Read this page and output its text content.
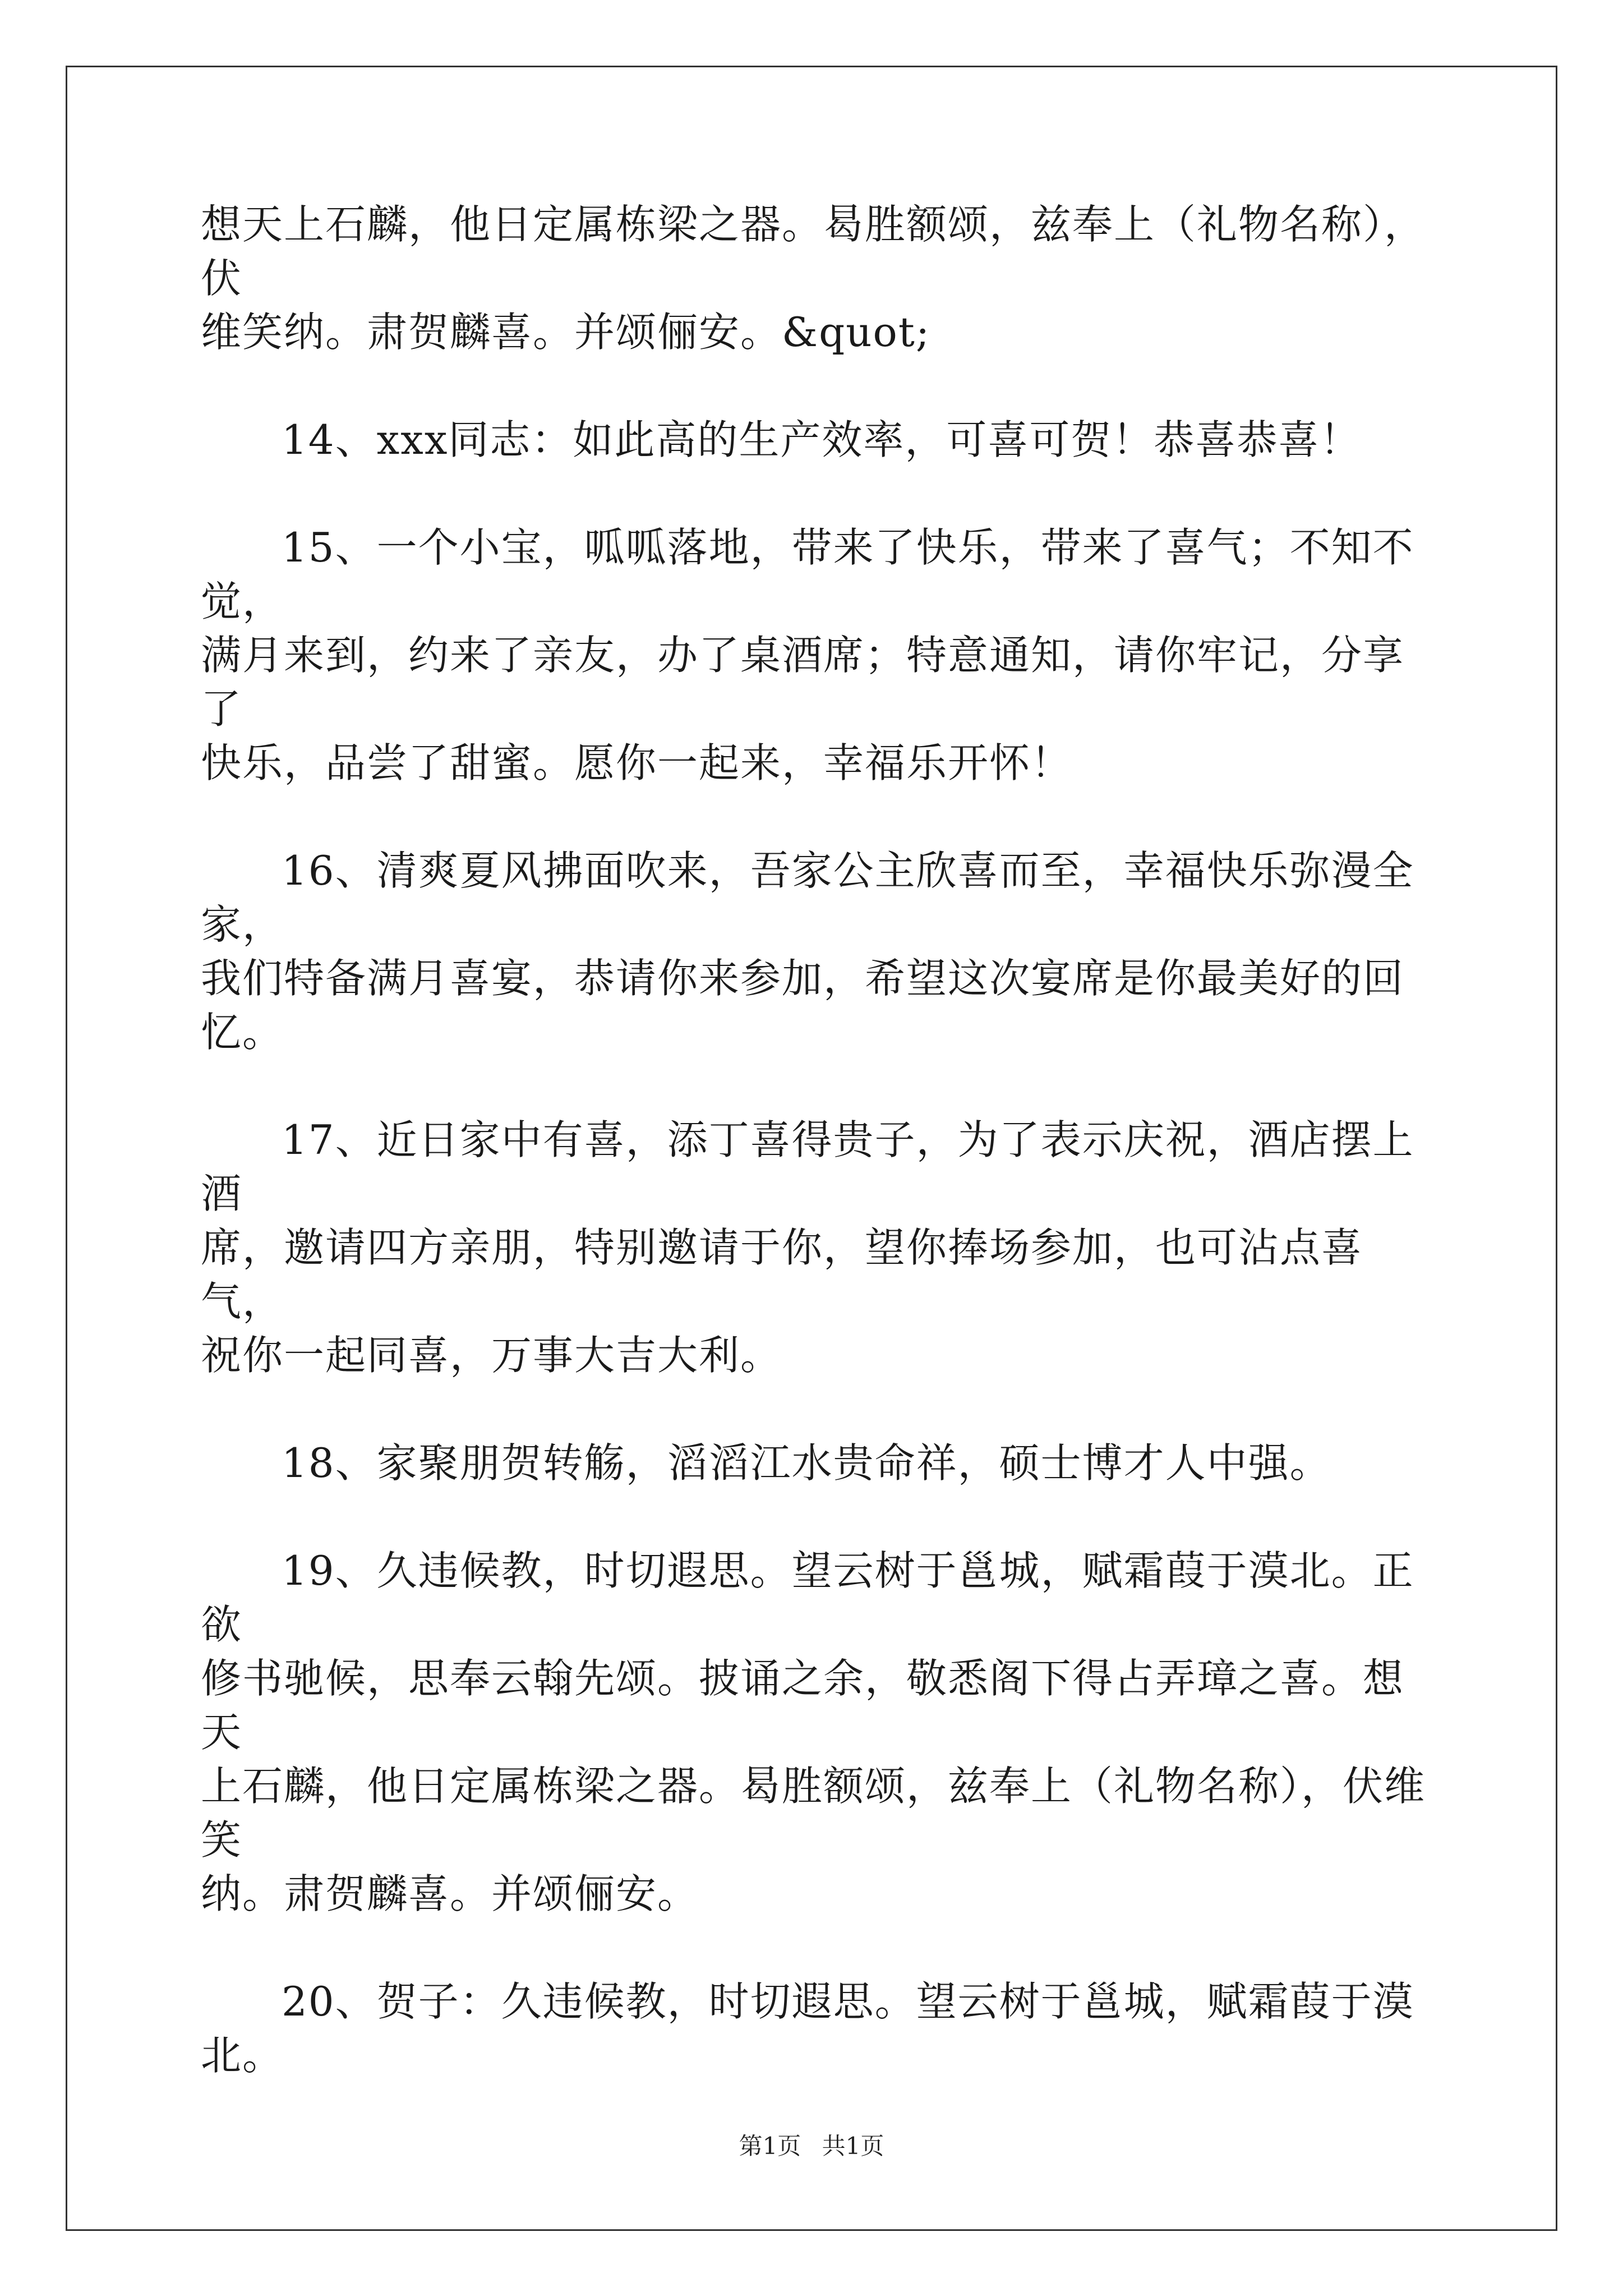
想天上石麟，他日定属栋梁之器。曷胜额颂，兹奉上（礼物名称），伏
维笑纳。肃贺麟喜。并颂俪安。&quot;

14、xxx同志：如此高的生产效率，可喜可贺！恭喜恭喜！

15、一个小宝，呱呱落地，带来了快乐，带来了喜气；不知不觉，
满月来到，约来了亲友，办了桌酒席；特意通知，请你牢记，分享了
快乐，品尝了甜蜜。愿你一起来，幸福乐开怀！

16、清爽夏风拂面吹来，吾家公主欣喜而至，幸福快乐弥漫全家，
我们特备满月喜宴，恭请你来参加，希望这次宴席是你最美好的回忆。

17、近日家中有喜，添丁喜得贵子，为了表示庆祝，酒店摆上酒
席，邀请四方亲朋，特别邀请于你，望你捧场参加，也可沾点喜气，
祝你一起同喜，万事大吉大利。

18、家聚朋贺转觞，滔滔江水贵命祥，硕士博才人中强。

19、久违候教，时切遐思。望云树于邕城，赋霜葭于漠北。正欲
修书驰候，思奉云翰先颂。披诵之余，敬悉阁下得占弄璋之喜。想天
上石麟，他日定属栋梁之器。曷胜额颂，兹奉上（礼物名称），伏维笑
纳。肃贺麟喜。并颂俪安。

20、贺子：久违候教，时切遐思。望云树于邕城，赋霜葭于漠北。

第1页 共1页
